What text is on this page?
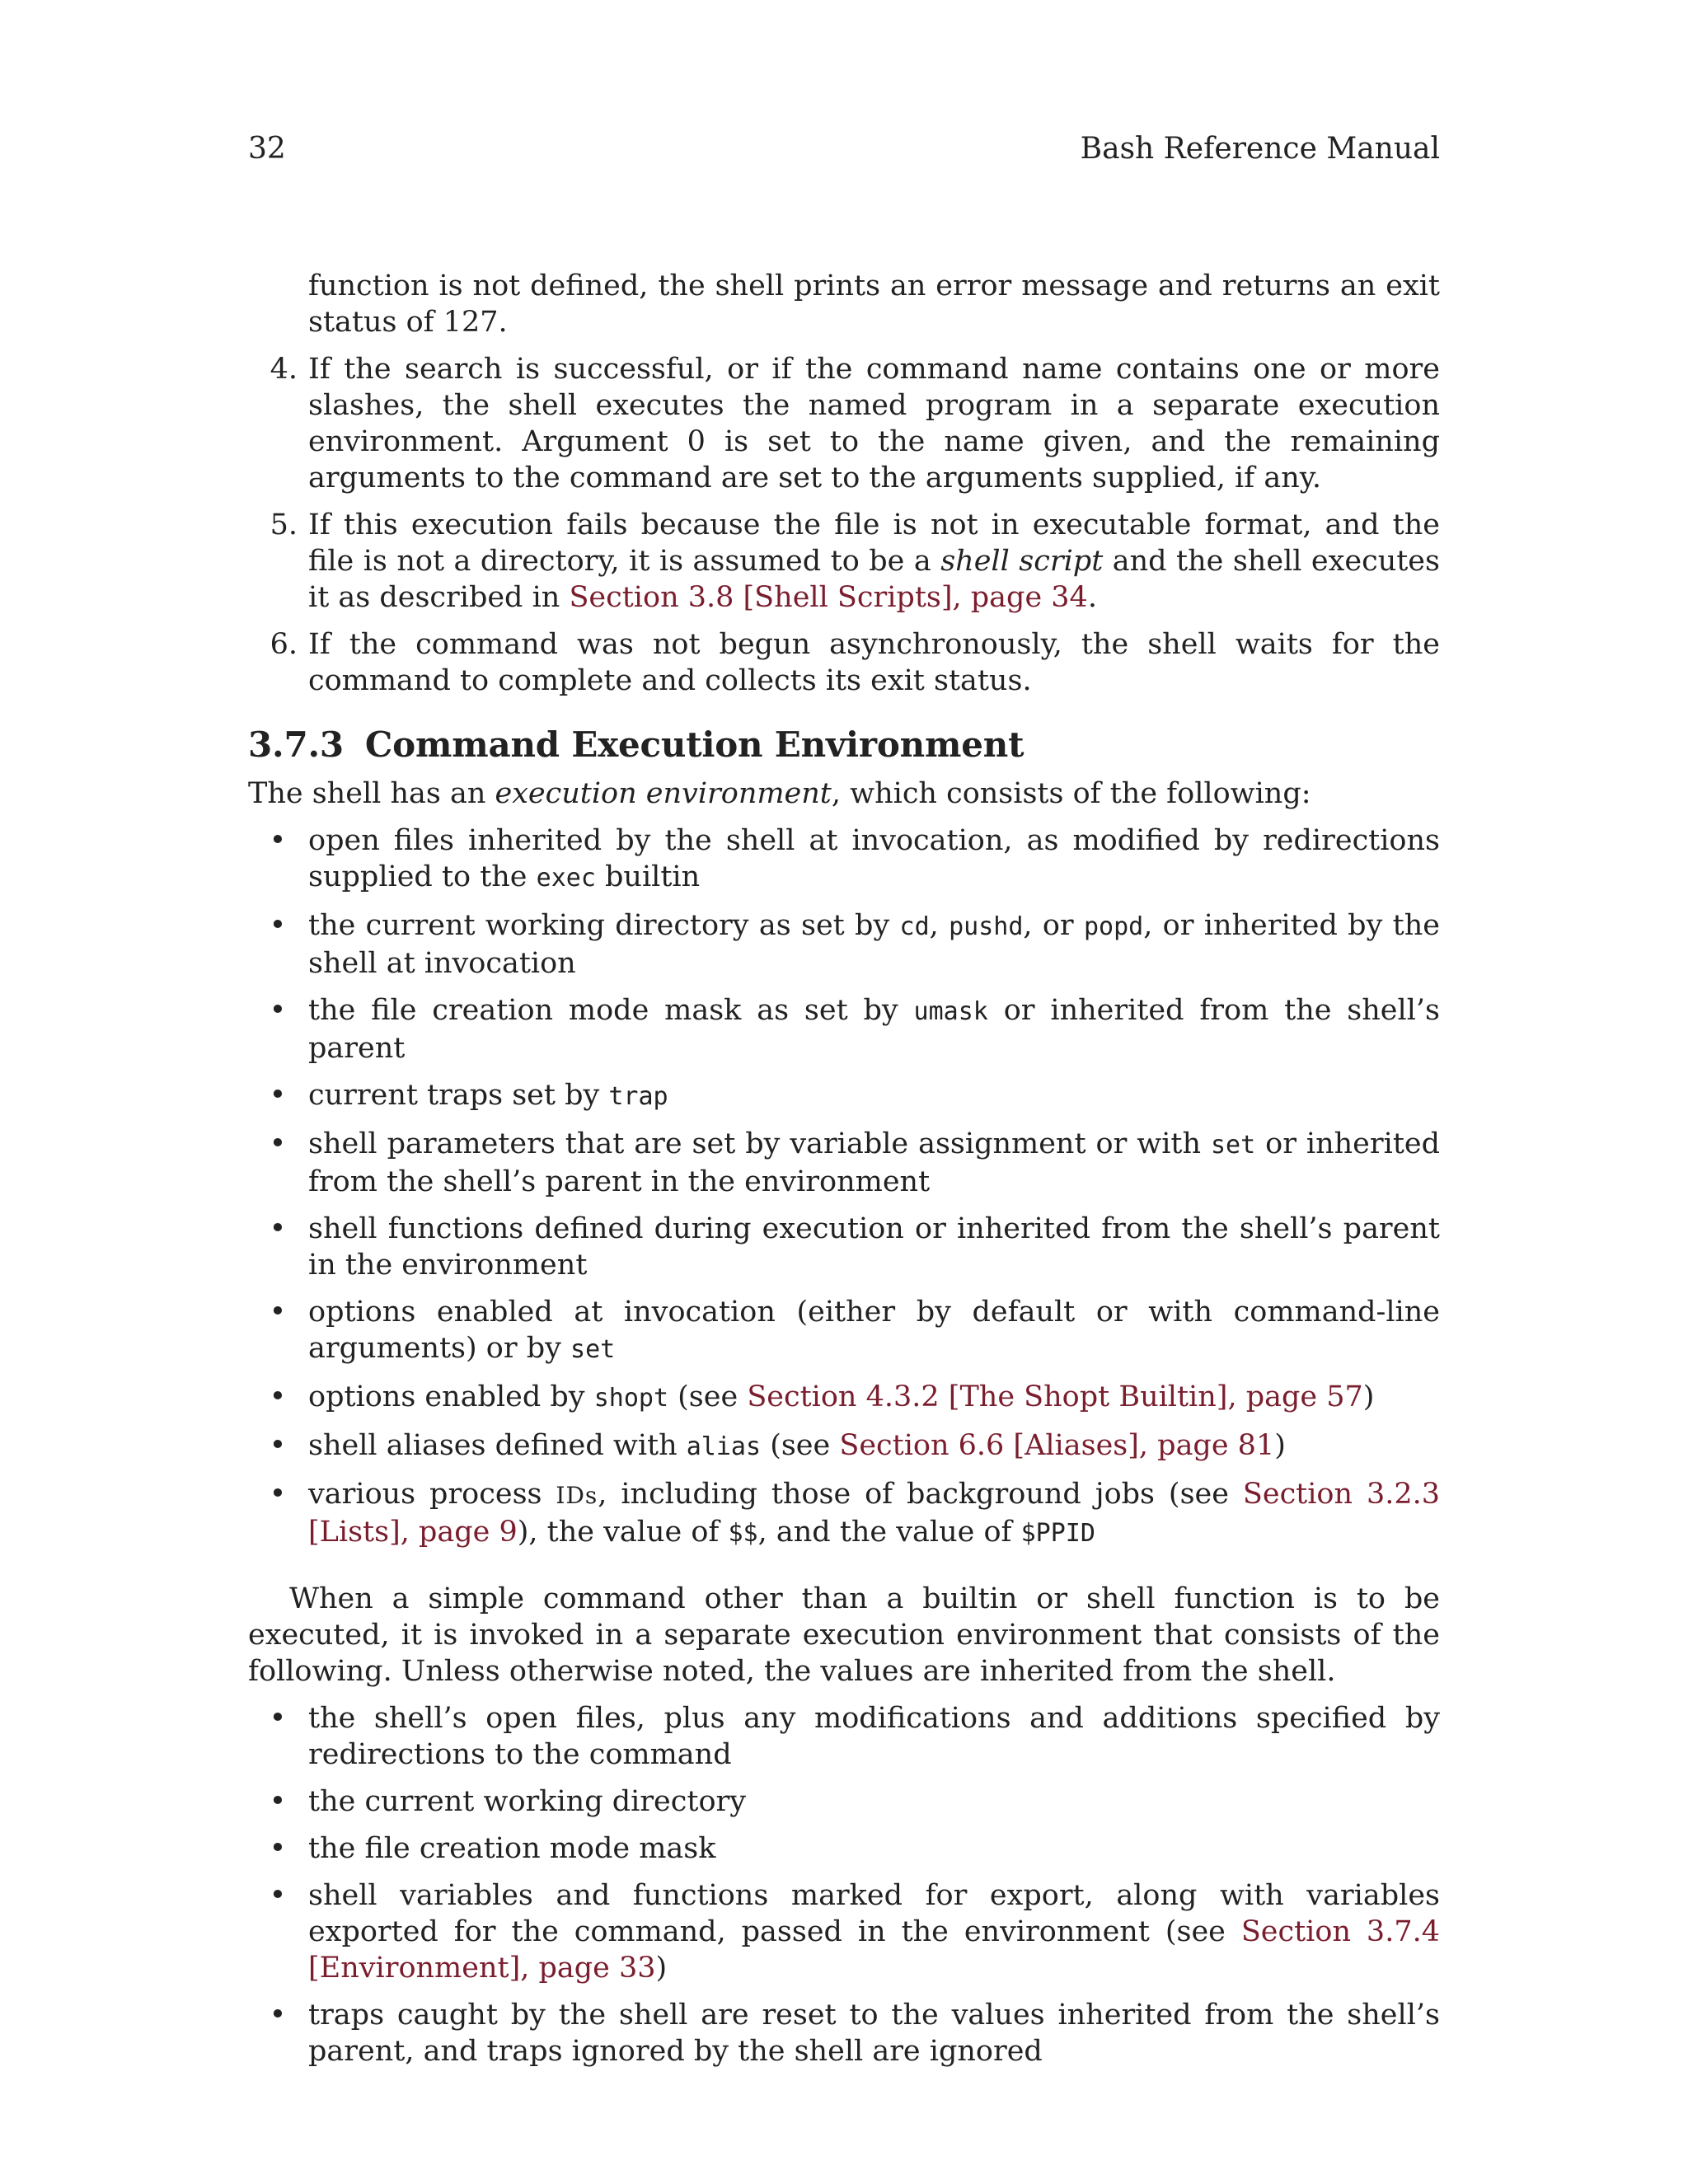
32	Bash Reference Manual

function is not defined, the shell prints an error message and returns an exit status of 127.

4. If the search is successful, or if the command name contains one or more slashes, the shell executes the named program in a separate execution environment. Argument 0 is set to the name given, and the remaining arguments to the command are set to the arguments supplied, if any.
5. If this execution fails because the file is not in executable format, and the file is not a directory, it is assumed to be a shell script and the shell executes it as described in Section 3.8 [Shell Scripts], page 34.
6. If the command was not begun asynchronously, the shell waits for the command to complete and collects its exit status.
3.7.3 Command Execution Environment

The shell has an execution environment, which consists of the following:

• open files inherited by the shell at invocation, as modified by redirections supplied to the exec builtin
• the current working directory as set by cd, pushd, or popd, or inherited by the shell at invocation
• the file creation mode mask as set by umask or inherited from the shell’s parent
• current traps set by trap
• shell parameters that are set by variable assignment or with set or inherited from the shell’s parent in the environment
• shell functions defined during execution or inherited from the shell’s parent in the environment
• options enabled at invocation (either by default or with command-line arguments) or by set
• options enabled by shopt (see Section 4.3.2 [The Shopt Builtin], page 57)
• shell aliases defined with alias (see Section 6.6 [Aliases], page 81)
• various process IDs, including those of background jobs (see Section 3.2.3 [Lists], page 9), the value of $$, and the value of $PPID

When a simple command other than a builtin or shell function is to be executed, it is invoked in a separate execution environment that consists of the following. Unless otherwise noted, the values are inherited from the shell.

• the shell’s open files, plus any modifications and additions specified by redirections to the command
• the current working directory
• the file creation mode mask
• shell variables and functions marked for export, along with variables exported for the command, passed in the environment (see Section 3.7.4 [Environment], page 33)
• traps caught by the shell are reset to the values inherited from the shell’s parent, and traps ignored by the shell are ignored
